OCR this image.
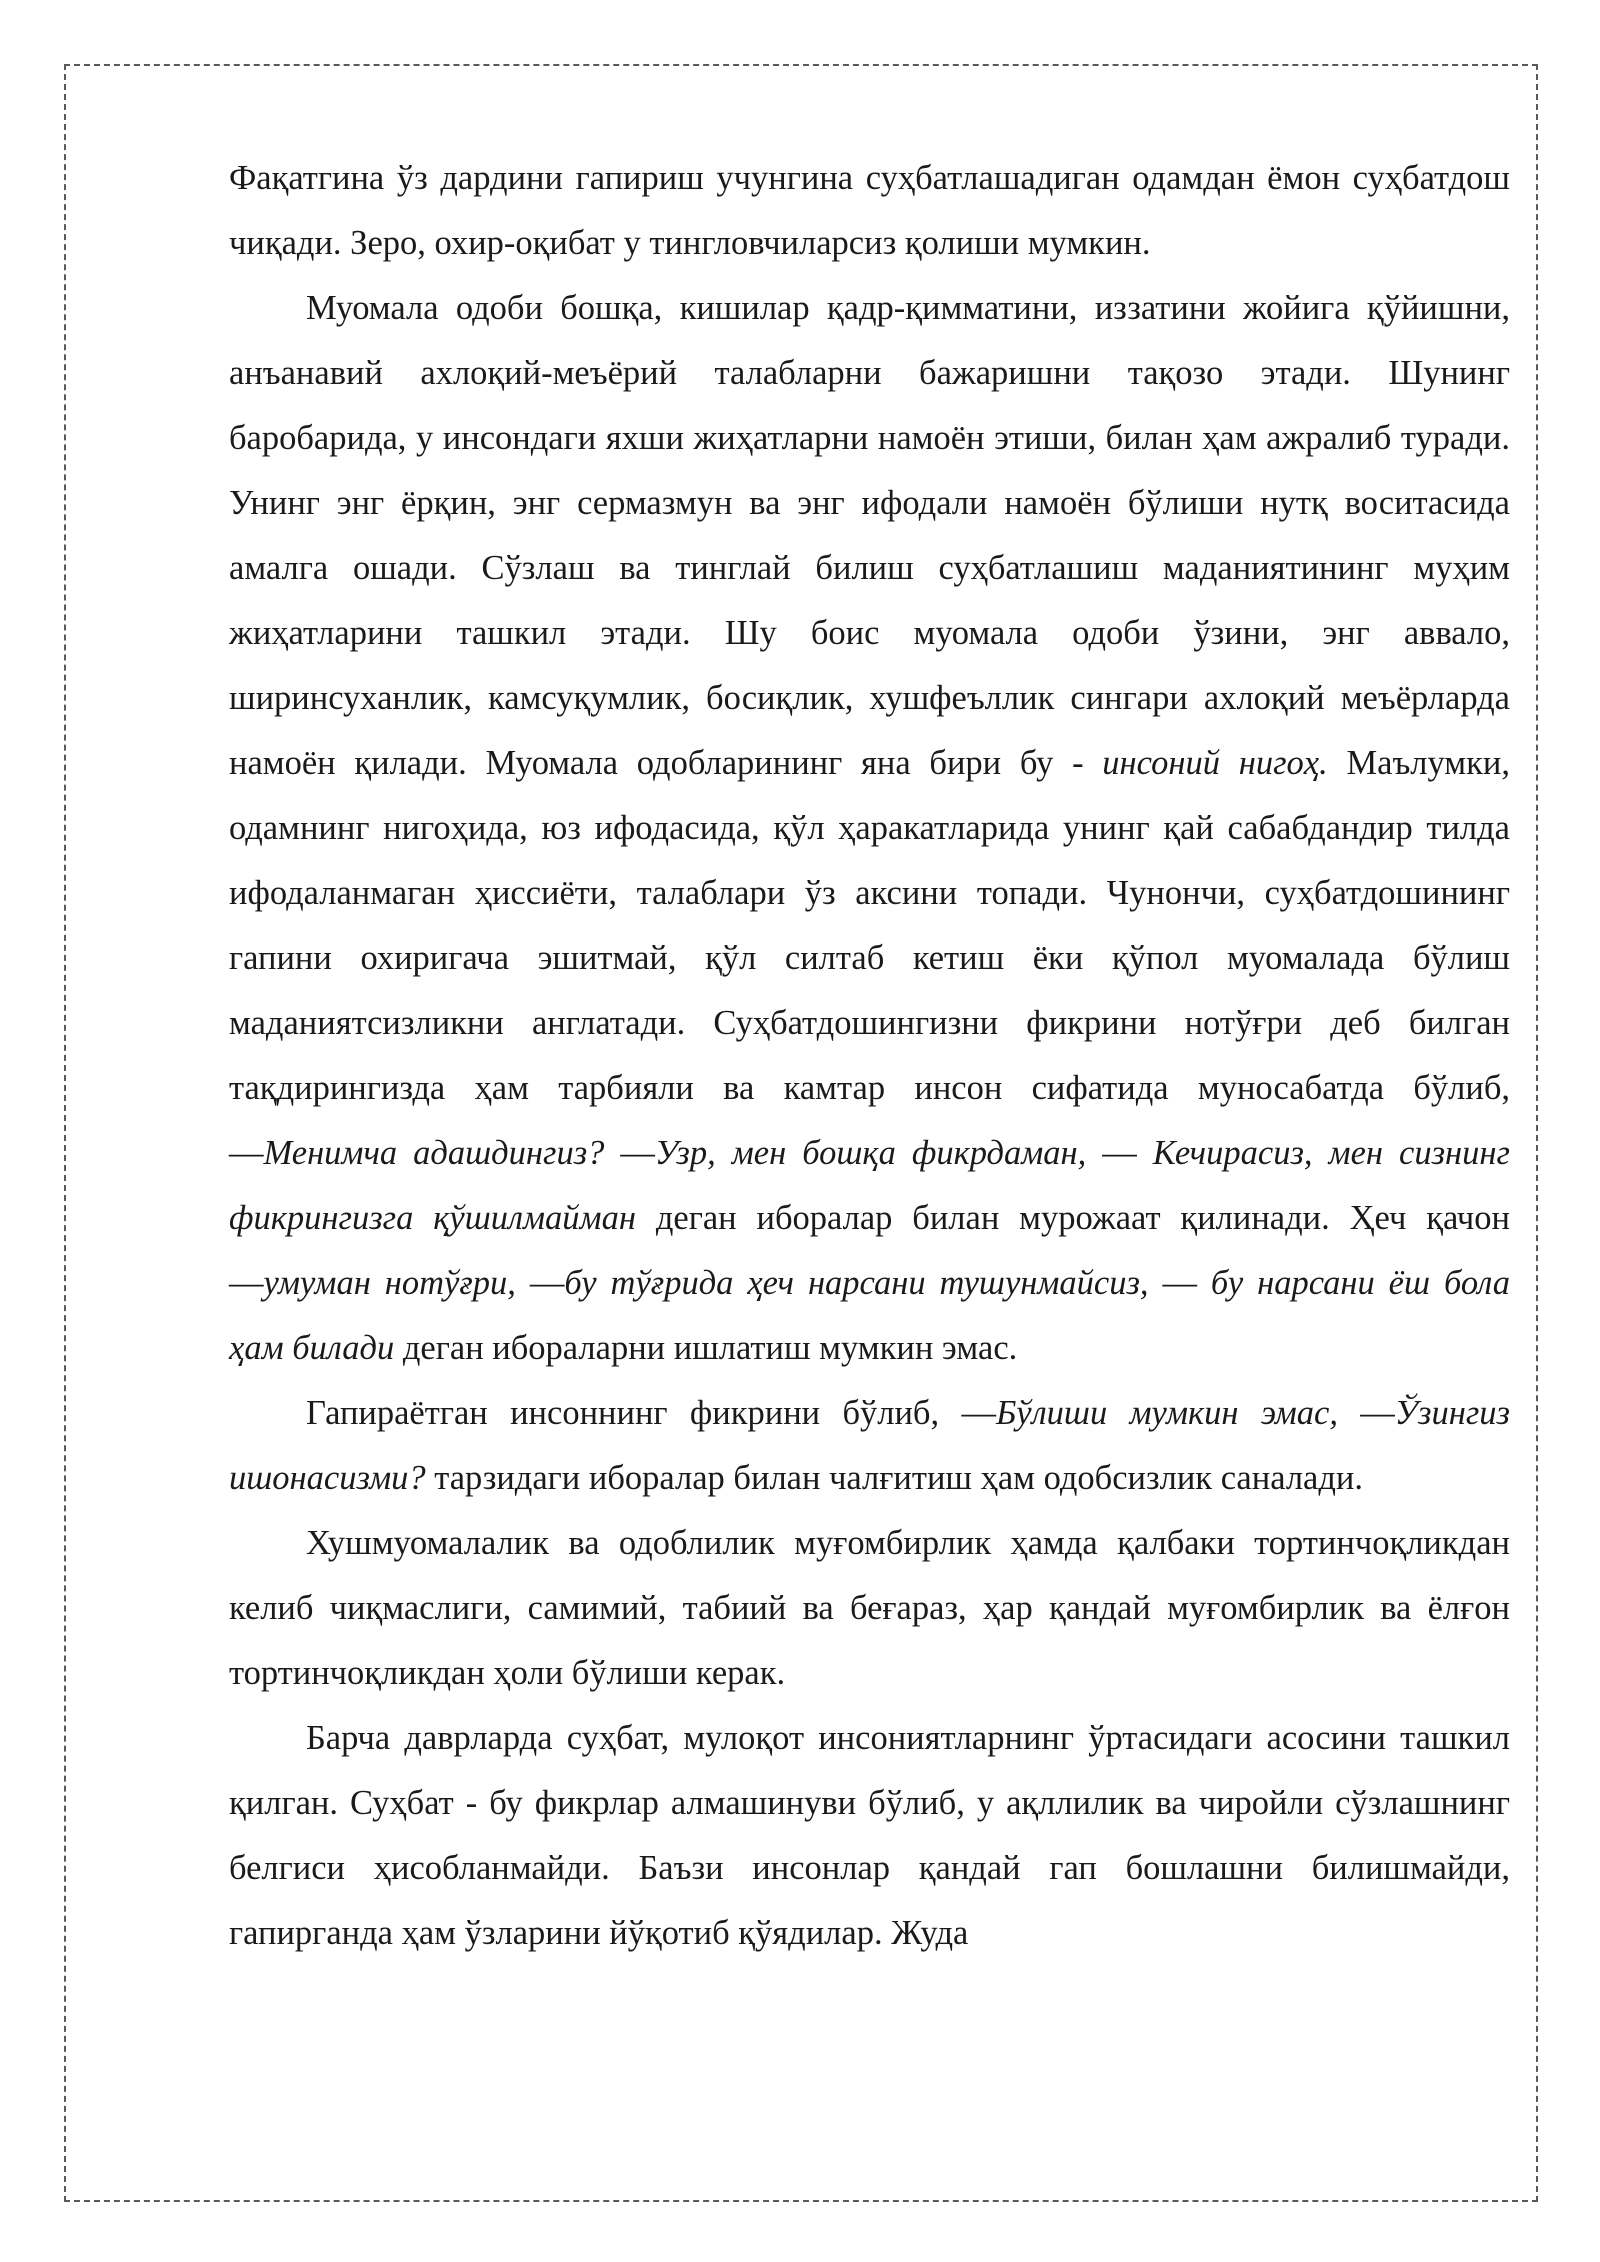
Фақатгина ўз дардини гапириш учунгина суҳбатлашадиган одамдан ёмон суҳбатдош чиқади. Зеро, охир-оқибат у тингловчиларсиз қолиши мумкин.

Муомала одоби бошқа, кишилар қадр-қимматини, иззатини жойига қўйишни, анъанавий ахлоқий-меъёрий талабларни бажаришни тақозо этади. Шунинг баробарида, у инсондаги яхши жиҳатларни намоён этиши, билан ҳам ажралиб туради. Унинг энг ёрқин, энг сермазмун ва энг ифодали намоён бўлиши нутқ воситасида амалга ошади. Сўзлаш ва тинглай билиш суҳбатлашиш маданиятининг муҳим жиҳатларини ташкил этади. Шу боис муомала одоби ўзини, энг аввало, ширинсуханлик, камсуқумлик, босиқлик, хушфеъллик сингари ахлоқий меъёрларда намоён қилади. Муомала одобларининг яна бири бу - инсоний нигоҳ. Маълумки, одамнинг нигоҳида, юз ифодасида, қўл ҳаракатларида унинг қай сабабдандир тилда ифодаланмаган ҳиссиёти, талаблари ўз аксини топади. Чунончи, суҳбатдошининг гапини охиригача эшитмай, қўл силтаб кетиш ёки қўпол муомалада бўлиш маданиятсизликни англатади. Суҳбатдошингизни фикрини нотўғри деб билган тақдирингизда ҳам тарбияли ва камтар инсон сифатида муносабатда бўлиб, ―Менимча адашдингиз? ―Узр, мен бошқа фикрдаман, ― Кечирасиз, мен сизнинг фикрингизга қўшилмайман деган иборалар билан мурожаат қилинади. Ҳеч қачон ―умуман нотўғри, ―бу тўғрида ҳеч нарсани тушунмайсиз, ― бу нарсани ёш бола ҳам билади деган ибораларни ишлатиш мумкин эмас.

Гапираётган инсоннинг фикрини бўлиб, ―Бўлиши мумкин эмас, ―Ўзингиз ишонасизми? тарзидаги иборалар билан чалғитиш ҳам одобсизлик саналади.

Хушмуомалалик ва одоблилик муғомбирлик ҳамда қалбаки тортинчоқликдан келиб чиқмаслиги, самимий, табиий ва беғараз, ҳар қандай муғомбирлик ва ёлғон тортинчоқликдан ҳоли бўлиши керак.

Барча даврларда суҳбат, мулоқот инсониятларнинг ўртасидаги асосини ташкил қилган. Суҳбат - бу фикрлар алмашинуви бўлиб, у ақллилик ва чиройли сўзлашнинг белгиси ҳисобланмайди. Баъзи инсонлар қандай гап бошлашни билишмайди, гапирганда ҳам ўзларини йўқотиб қўядилар. Жуда
